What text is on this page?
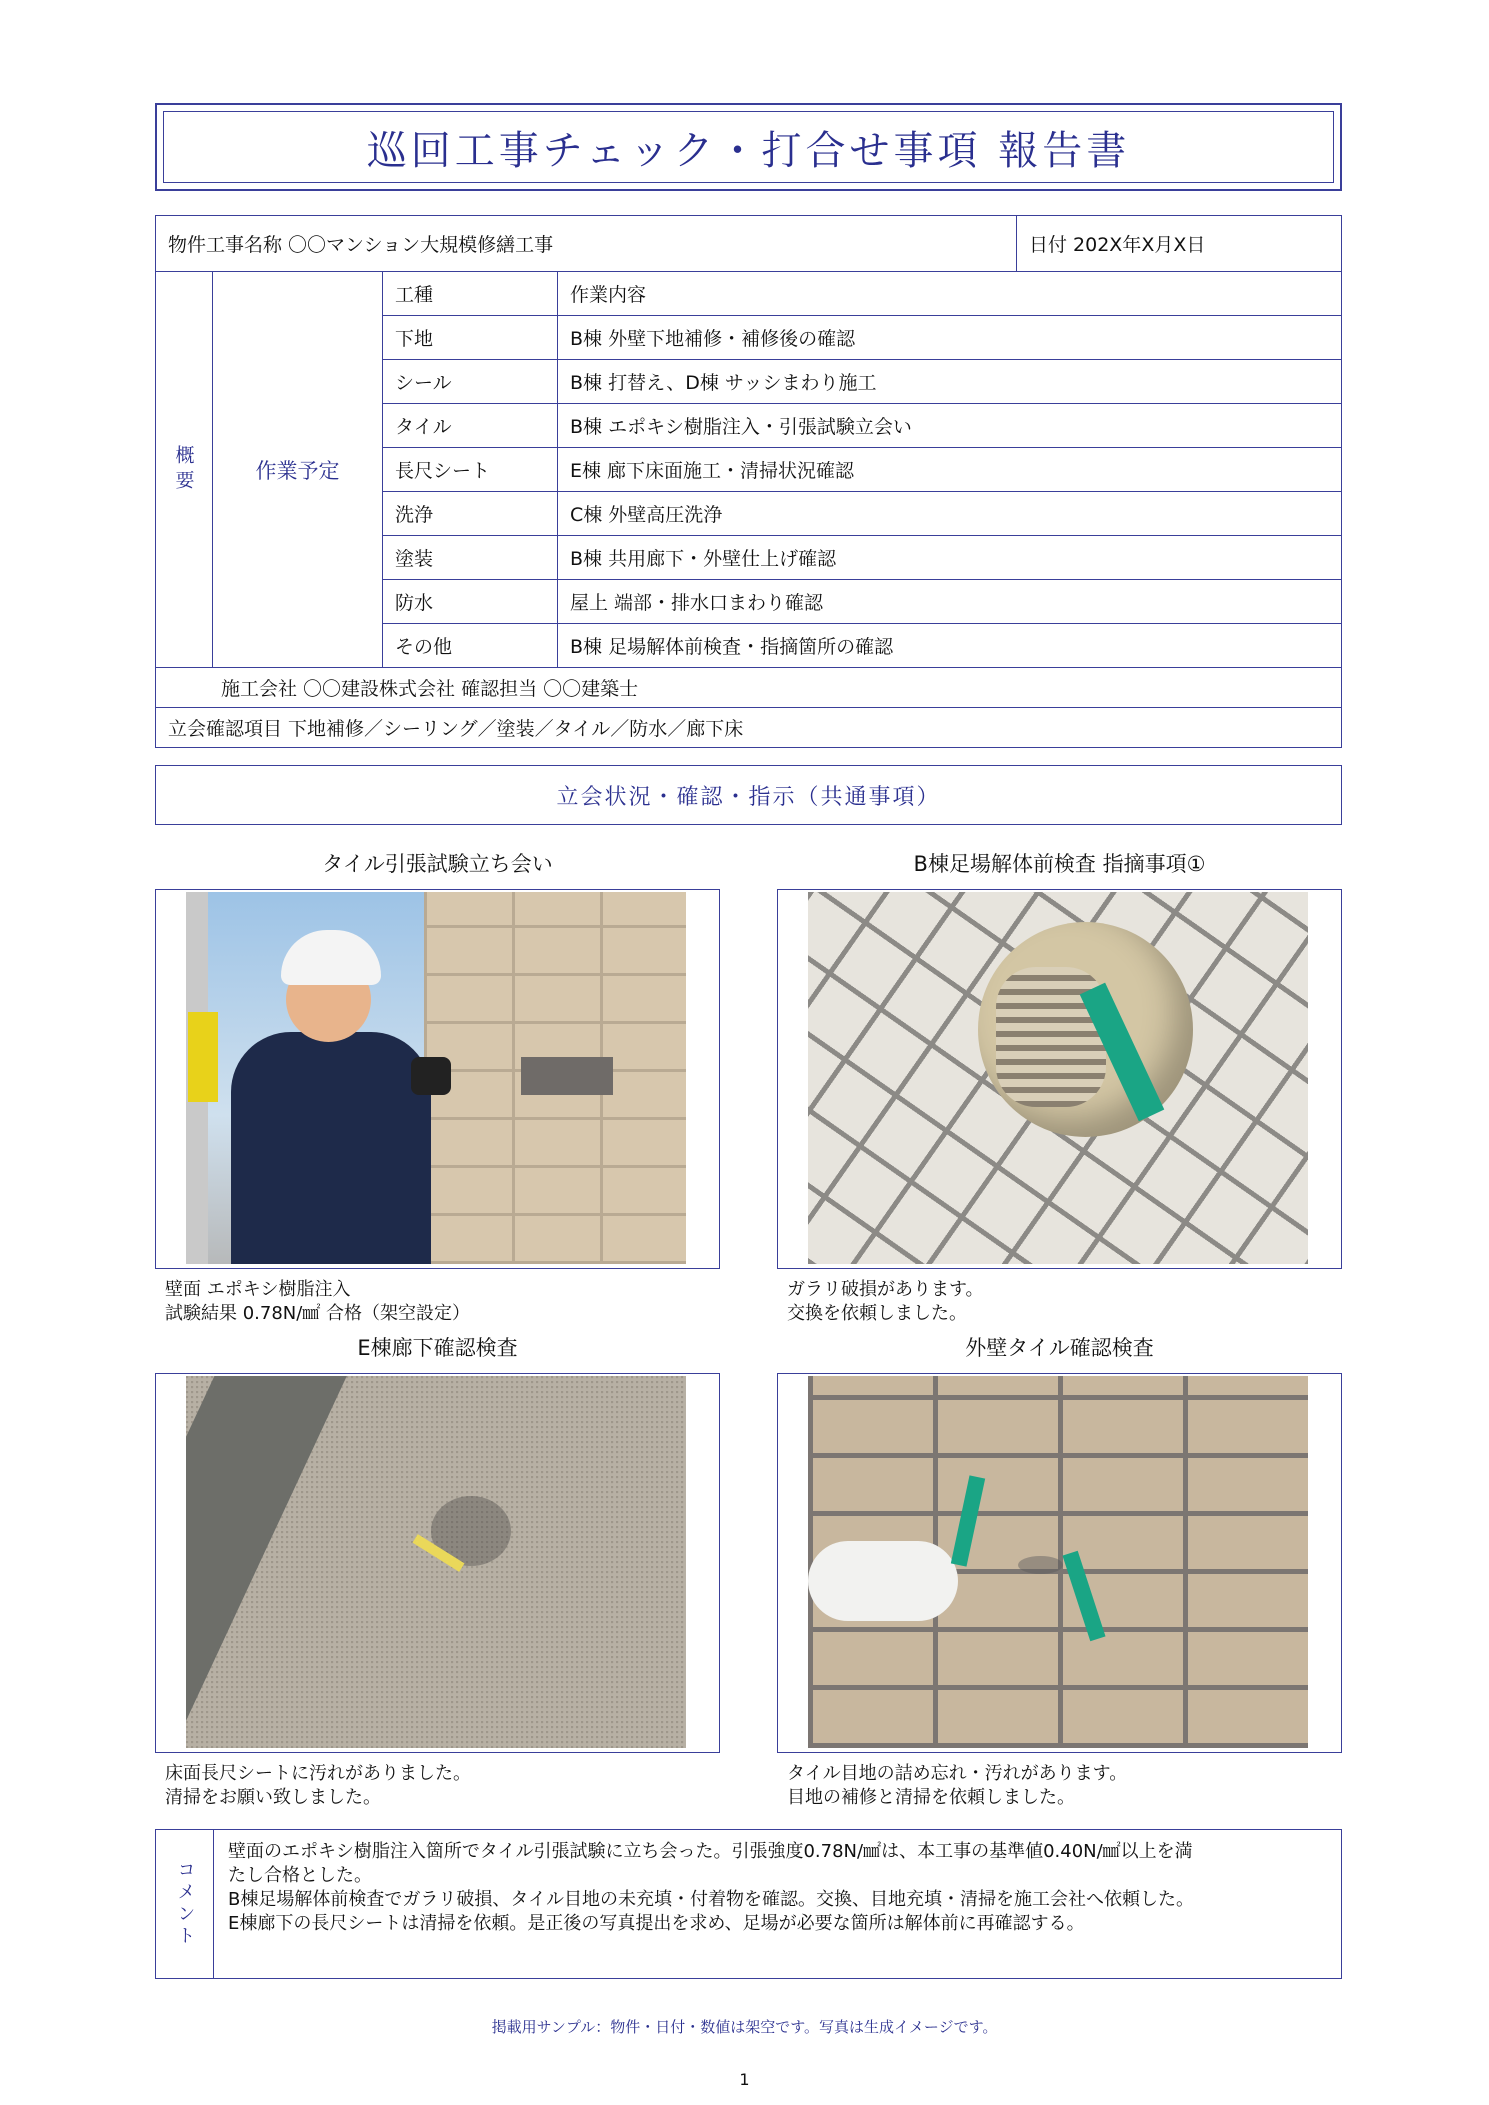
巡回工事チェック・打合せ事項 報告書
物件工事名称 〇〇マンション大規模修繕工事				日付 202X年X月X日
概要	作業予定	工種	作業内容	
		下地	B棟 外壁下地補修・補修後の確認	
		シール	B棟 打替え、D棟 サッシまわり施工	
		タイル	B棟 エポキシ樹脂注入・引張試験立会い	
		長尺シート	E棟 廊下床面施工・清掃状況確認	
		洗浄	C棟 外壁高圧洗浄	
		塗装	B棟 共用廊下・外壁仕上げ確認	
		防水	屋上 端部・排水口まわり確認	
		その他	B棟 足場解体前検査・指摘箇所の確認	
施工会社 〇〇建設株式会社 確認担当 〇〇建築士				
立会確認項目 下地補修／シーリング／塗装／タイル／防水／廊下床				
立会状況・確認・指示（共通事項）
タイル引張試験立ち会い
壁面 エポキシ樹脂注入
試験結果 0.78N/㎟ 合格（架空設定）
B棟足場解体前検査 指摘事項①
ガラリ破損があります。
交換を依頼しました。
E棟廊下確認検査
床面長尺シートに汚れがありました。
清掃をお願い致しました。
外壁タイル確認検査
タイル目地の詰め忘れ・汚れがあります。
目地の補修と清掃を依頼しました。
コメント
壁面のエポキシ樹脂注入箇所でタイル引張試験に立ち会った。引張強度0.78N/㎟は、本工事の基準値0.40N/㎟以上を満
たし合格とした。
B棟足場解体前検査でガラリ破損、タイル目地の未充填・付着物を確認。交換、目地充填・清掃を施工会社へ依頼した。
E棟廊下の長尺シートは清掃を依頼。是正後の写真提出を求め、足場が必要な箇所は解体前に再確認する。
掲載用サンプル：物件・日付・数値は架空です。写真は生成イメージです。
1
